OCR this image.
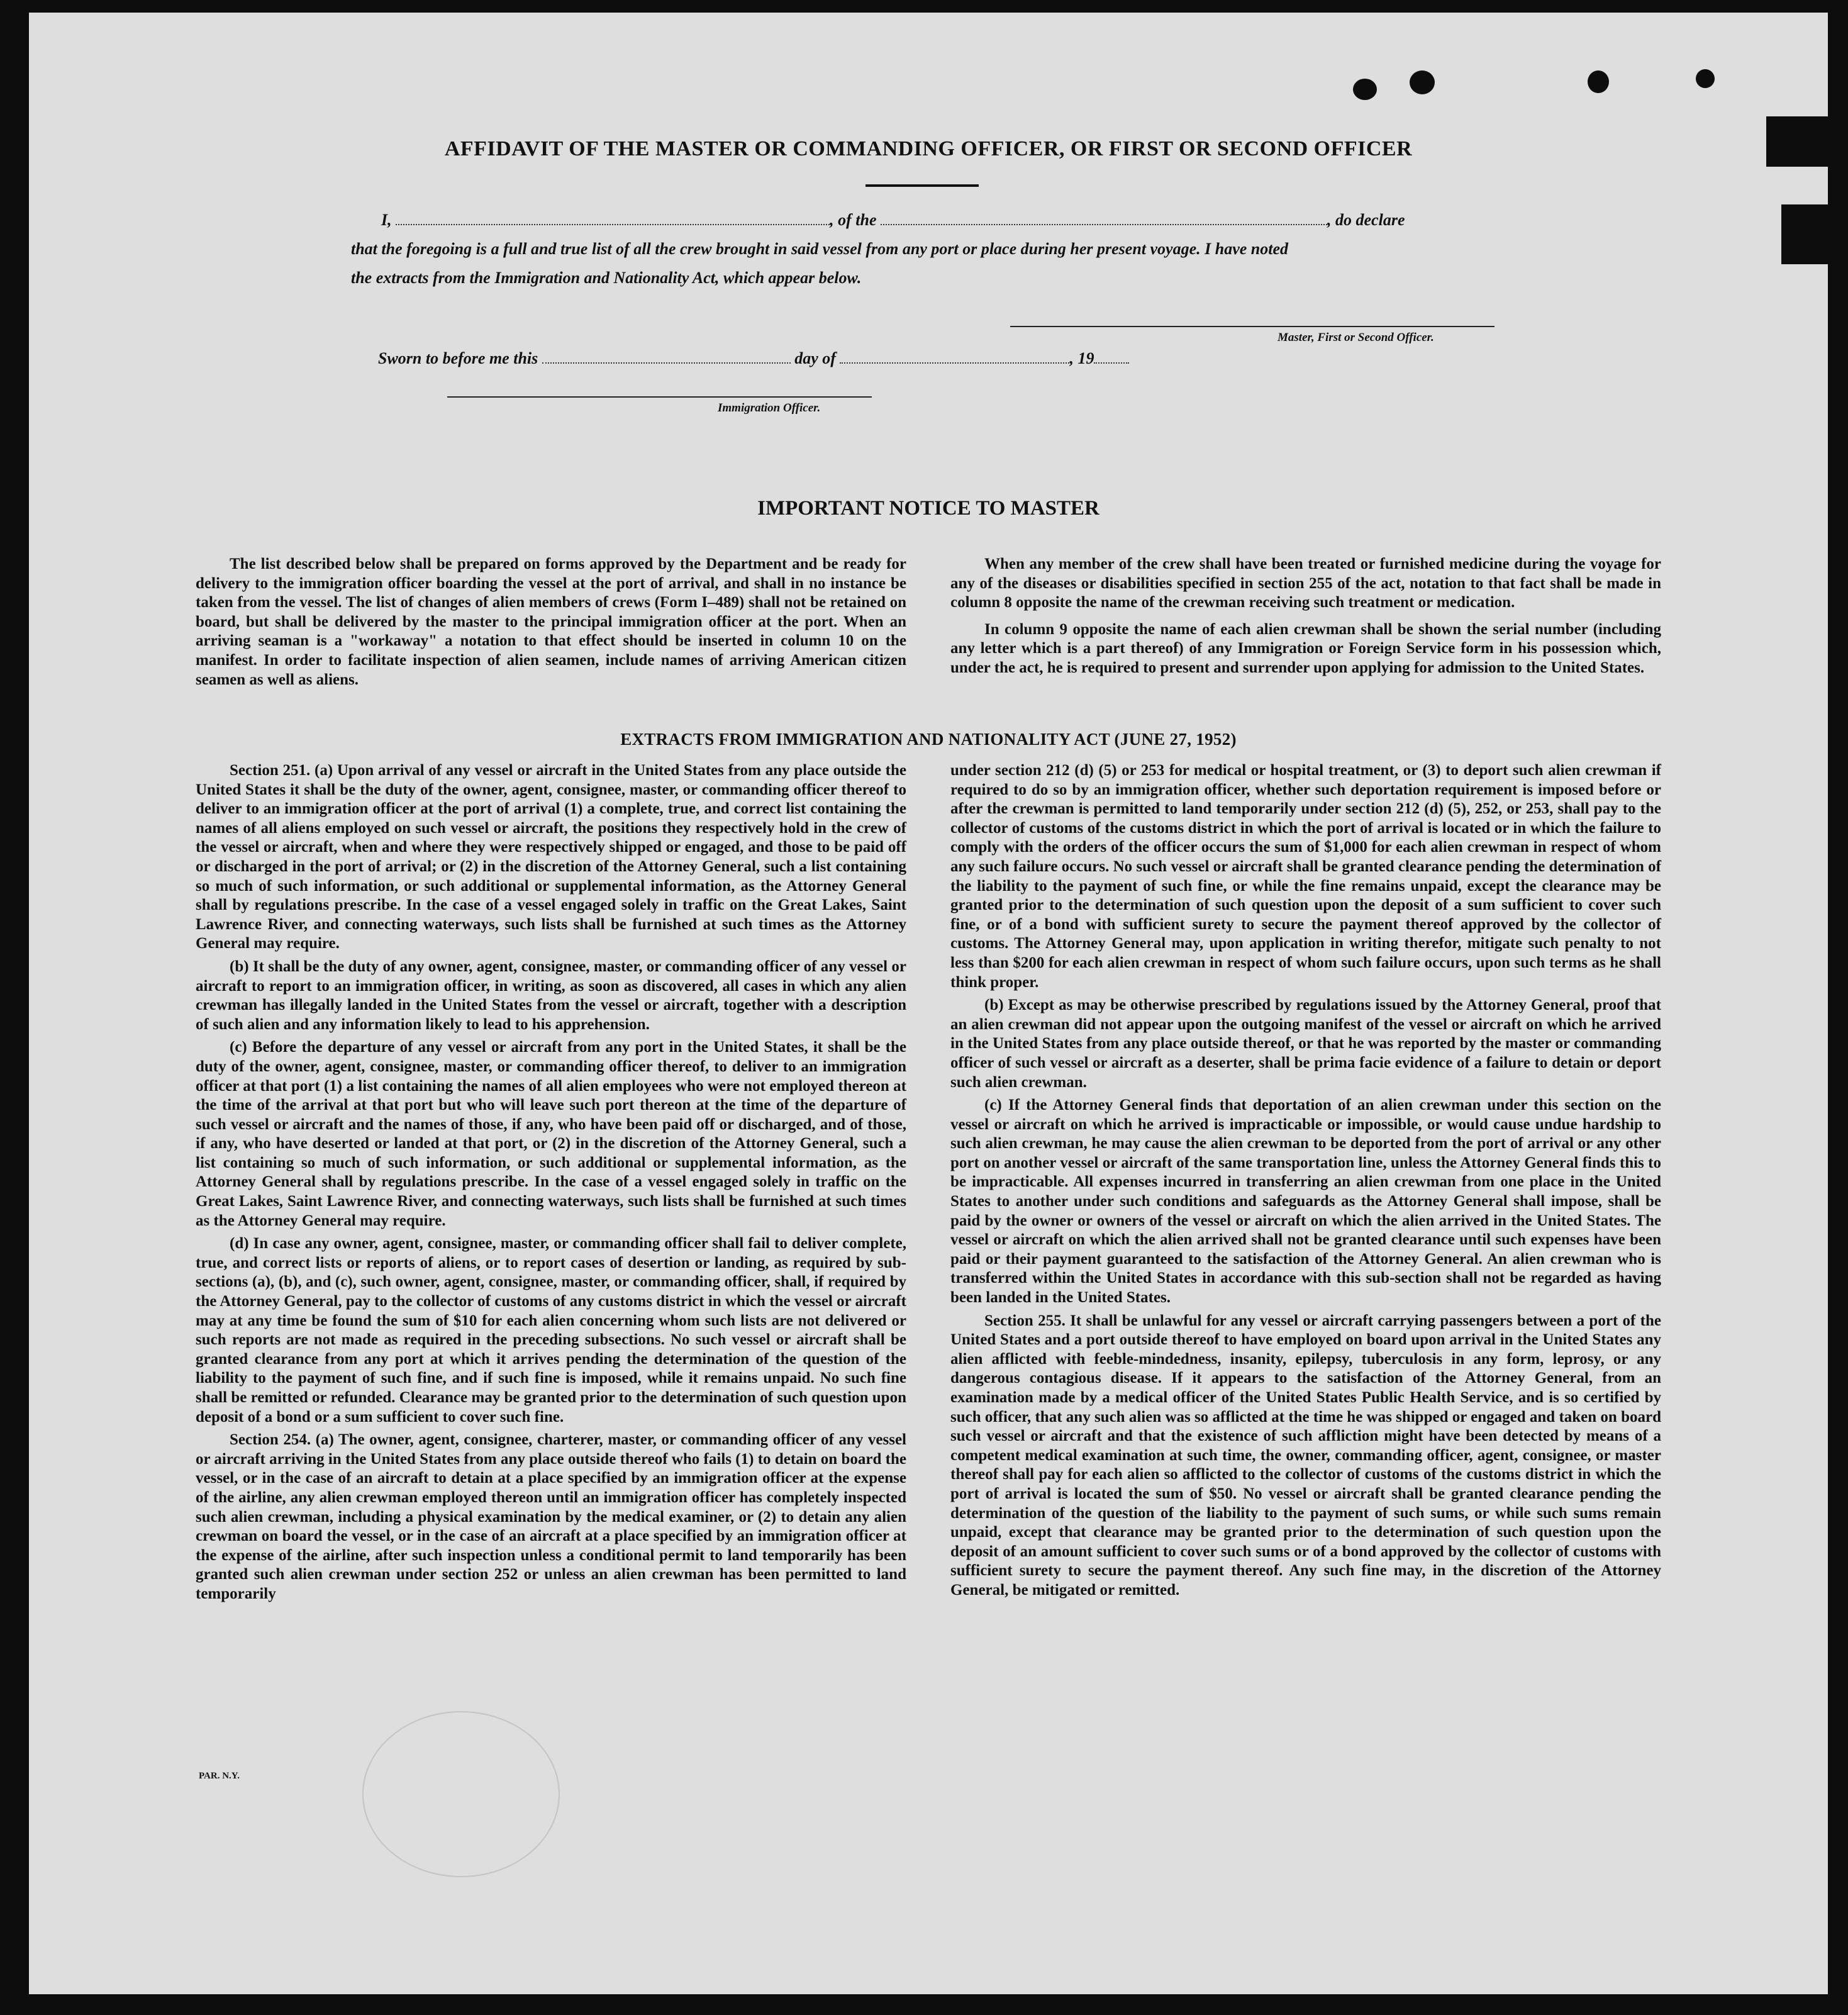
AFFIDAVIT OF THE MASTER OR COMMANDING OFFICER, OR FIRST OR SECOND OFFICER
I,	, of the	, do declare
that the foregoing is a full and true list of all the crew brought in said vessel from any port or place during her present voyage. I have noted
the extracts from the Immigration and Nationality Act, which appear below.
Master, First or Second Officer.
Sworn to before me this	day of	, 19
Immigration Officer.
IMPORTANT NOTICE TO MASTER

The list described below shall be prepared on forms approved by the Department and be ready for delivery to the immigration officer boarding the vessel at the port of arrival, and shall in no instance be taken from the vessel. The list of changes of alien members of crews (Form I–489) shall not be retained on board, but shall be delivered by the master to the principal immigration officer at the port. When an arriving seaman is a "workaway" a notation to that effect should be inserted in column 10 on the manifest. In order to facilitate inspection of alien seamen, include names of arriving American citizen seamen as well as aliens.

When any member of the crew shall have been treated or furnished medicine during the voyage for any of the diseases or disabilities specified in section 255 of the act, notation to that fact shall be made in column 8 opposite the name of the crewman receiving such treatment or medication.

In column 9 opposite the name of each alien crewman shall be shown the serial number (including any letter which is a part thereof) of any Immigration or Foreign Service form in his possession which, under the act, he is required to present and surrender upon applying for admission to the United States.

EXTRACTS FROM IMMIGRATION AND NATIONALITY ACT (JUNE 27, 1952)

Section 251. (a) Upon arrival of any vessel or aircraft in the United States from any place outside the United States it shall be the duty of the owner, agent, consignee, master, or commanding officer thereof to deliver to an immigration officer at the port of arrival (1) a complete, true, and correct list containing the names of all aliens employed on such vessel or aircraft, the positions they respectively hold in the crew of the vessel or aircraft, when and where they were respectively shipped or engaged, and those to be paid off or discharged in the port of arrival; or (2) in the discretion of the Attorney General, such a list containing so much of such information, or such additional or supplemental information, as the Attorney General shall by regulations prescribe. In the case of a vessel engaged solely in traffic on the Great Lakes, Saint Lawrence River, and connecting waterways, such lists shall be furnished at such times as the Attorney General may require.

(b) It shall be the duty of any owner, agent, consignee, master, or commanding officer of any vessel or aircraft to report to an immigration officer, in writing, as soon as discovered, all cases in which any alien crewman has illegally landed in the United States from the vessel or aircraft, together with a description of such alien and any information likely to lead to his apprehension.

(c) Before the departure of any vessel or aircraft from any port in the United States, it shall be the duty of the owner, agent, consignee, master, or commanding officer thereof, to deliver to an immigration officer at that port (1) a list containing the names of all alien employees who were not employed thereon at the time of the arrival at that port but who will leave such port thereon at the time of the departure of such vessel or aircraft and the names of those, if any, who have been paid off or discharged, and of those, if any, who have deserted or landed at that port, or (2) in the discretion of the Attorney General, such a list containing so much of such information, or such additional or supplemental information, as the Attorney General shall by regulations prescribe. In the case of a vessel engaged solely in traffic on the Great Lakes, Saint Lawrence River, and connecting waterways, such lists shall be furnished at such times as the Attorney General may require.

(d) In case any owner, agent, consignee, master, or commanding officer shall fail to deliver complete, true, and correct lists or reports of aliens, or to report cases of desertion or landing, as required by sub-sections (a), (b), and (c), such owner, agent, consignee, master, or commanding officer, shall, if required by the Attorney General, pay to the collector of customs of any customs district in which the vessel or aircraft may at any time be found the sum of $10 for each alien concerning whom such lists are not delivered or such reports are not made as required in the preceding subsections. No such vessel or aircraft shall be granted clearance from any port at which it arrives pending the determination of the question of the liability to the payment of such fine, and if such fine is imposed, while it remains unpaid. No such fine shall be remitted or refunded. Clearance may be granted prior to the determination of such question upon deposit of a bond or a sum sufficient to cover such fine.

Section 254. (a) The owner, agent, consignee, charterer, master, or commanding officer of any vessel or aircraft arriving in the United States from any place outside thereof who fails (1) to detain on board the vessel, or in the case of an aircraft to detain at a place specified by an immigration officer at the expense of the airline, any alien crewman employed thereon until an immigration officer has completely inspected such alien crewman, including a physical examination by the medical examiner, or (2) to detain any alien crewman on board the vessel, or in the case of an aircraft at a place specified by an immigration officer at the expense of the airline, after such inspection unless a conditional permit to land temporarily has been granted such alien crewman under section 252 or unless an alien crewman has been permitted to land temporarily

under section 212 (d) (5) or 253 for medical or hospital treatment, or (3) to deport such alien crewman if required to do so by an immigration officer, whether such deportation requirement is imposed before or after the crewman is permitted to land temporarily under section 212 (d) (5), 252, or 253, shall pay to the collector of customs of the customs district in which the port of arrival is located or in which the failure to comply with the orders of the officer occurs the sum of $1,000 for each alien crewman in respect of whom any such failure occurs. No such vessel or aircraft shall be granted clearance pending the determination of the liability to the payment of such fine, or while the fine remains unpaid, except the clearance may be granted prior to the determination of such question upon the deposit of a sum sufficient to cover such fine, or of a bond with sufficient surety to secure the payment thereof approved by the collector of customs. The Attorney General may, upon application in writing therefor, mitigate such penalty to not less than $200 for each alien crewman in respect of whom such failure occurs, upon such terms as he shall think proper.

(b) Except as may be otherwise prescribed by regulations issued by the Attorney General, proof that an alien crewman did not appear upon the outgoing manifest of the vessel or aircraft on which he arrived in the United States from any place outside thereof, or that he was reported by the master or commanding officer of such vessel or aircraft as a deserter, shall be prima facie evidence of a failure to detain or deport such alien crewman.

(c) If the Attorney General finds that deportation of an alien crewman under this section on the vessel or aircraft on which he arrived is impracticable or impossible, or would cause undue hardship to such alien crewman, he may cause the alien crewman to be deported from the port of arrival or any other port on another vessel or aircraft of the same transportation line, unless the Attorney General finds this to be impracticable. All expenses incurred in transferring an alien crewman from one place in the United States to another under such conditions and safeguards as the Attorney General shall impose, shall be paid by the owner or owners of the vessel or aircraft on which the alien arrived in the United States. The vessel or aircraft on which the alien arrived shall not be granted clearance until such expenses have been paid or their payment guaranteed to the satisfaction of the Attorney General. An alien crewman who is transferred within the United States in accordance with this sub-section shall not be regarded as having been landed in the United States.

Section 255. It shall be unlawful for any vessel or aircraft carrying passengers between a port of the United States and a port outside thereof to have employed on board upon arrival in the United States any alien afflicted with feeble-mindedness, insanity, epilepsy, tuberculosis in any form, leprosy, or any dangerous contagious disease. If it appears to the satisfaction of the Attorney General, from an examination made by a medical officer of the United States Public Health Service, and is so certified by such officer, that any such alien was so afflicted at the time he was shipped or engaged and taken on board such vessel or aircraft and that the existence of such affliction might have been detected by means of a competent medical examination at such time, the owner, commanding officer, agent, consignee, or master thereof shall pay for each alien so afflicted to the collector of customs of the customs district in which the port of arrival is located the sum of $50. No vessel or aircraft shall be granted clearance pending the determination of the question of the liability to the payment of such sums, or while such sums remain unpaid, except that clearance may be granted prior to the determination of such question upon the deposit of an amount sufficient to cover such sums or of a bond approved by the collector of customs with sufficient surety to secure the payment thereof. Any such fine may, in the discretion of the Attorney General, be mitigated or remitted.

PAR. N.Y.
